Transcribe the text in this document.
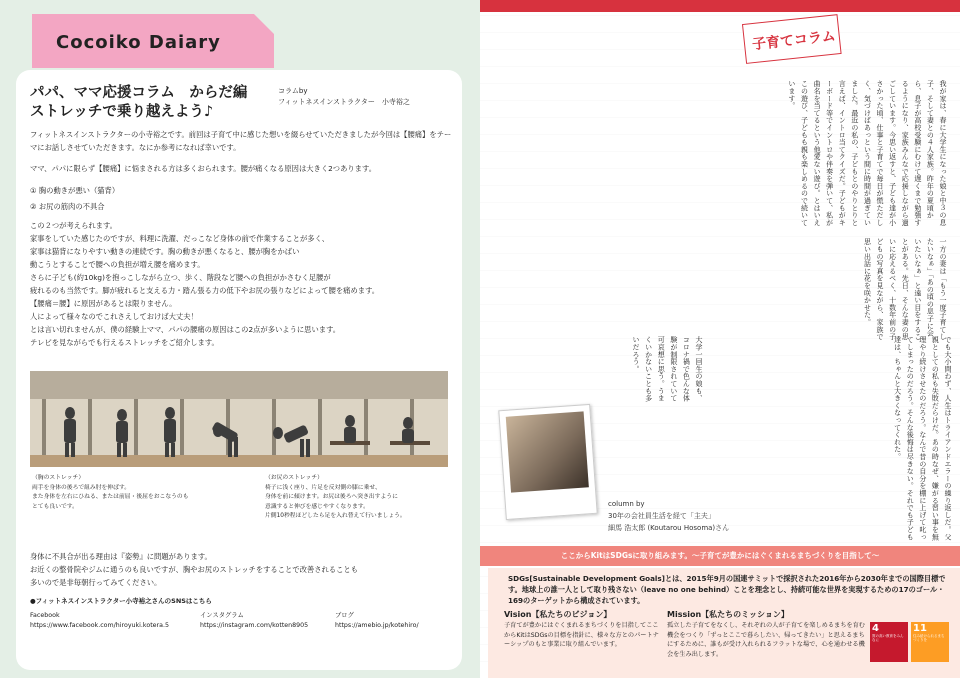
Cocoiko Daiary
パパ、ママ応援コラム　からだ編
ストレッチで乗り越えよう♪
コラムby
フィットネスインストラクター　小寺裕之
フィットネスインストラクターの小寺裕之です。前回は子育て中に感じた想いを綴らせていただきましたが今回は【腰痛】をテーマにお話しさせていただきます。なにか参考になれば幸いです。
ママ、パパに限らず【腰痛】に悩まされる方は多くおられます。腰が痛くなる原因は大きく2つあります。
① 胸の動きが悪い（猫背）
② お尻の筋肉の不具合
この２つが考えられます。
家事をしていた感じたのですが、料理に洗濯、だっこなど身体の前で作業することが多く、
家事は猫背になりやすい動きの連続です。胸の動きが悪くなると、腰が胸をかばい
動こうとすることで腰への負担が増え腰を痛めます。
さらに子ども(約10kg)を抱っこしながら立つ、歩く、階段など腰への負担がかさむく足腰が
疲れるのも当然です。脚が疲れると支える力・踏ん張る力の低下やお尻の張りなどによって腰を痛めます。
【腰痛＝腰】に原因があるとは限りません。
人によって様々なのでこれさえしておけば大丈夫！
とは言い切れませんが、僕の経験上ママ、パパの腰痛の原因はこの2点が多いように思います。
テレビを見ながらでも行えるストレッチをご紹介します。
（胸のストレッチ）
両手を身体の後ろで組み肘を伸ばす。
また身体を左右にひねる、または前屈・後屈をおこなうのも
とても良いです。
（お尻のストレッチ）
椅子に浅く座り、片足を反対側の膝に乗せ、
身体を前に傾けます。お尻は後ろへ突き出すように
意識すると伸びを感じやすくなります。
片側10秒程ほどしたら足を入れ替えて行いましょう。
身体に不具合が出る理由は『姿勢』に問題があります。
お近くの整骨院やジムに通うのも良いですが、胸やお尻のストレッチをすることで改善されることも
多いので是非毎朝行ってみてください。
●フィットネスインストラクター小寺裕之さんのSNSはこちら
Facebook
https://www.facebook.com/hiroyuki.kotera.5
インスタグラム
https://instagram.com/kotten8905
ブログ
https://amebio.jp/kotehiro/
子育てコラム
我が家は、春に大学生になった娘と中３の息子、そして妻との４人家族。昨年の夏頃から、息子が高校受験にむけて遅くまで勉強するようになり、家族みんなで応援しながら過ごしています。今思い返すと、子ども達が小さかった頃、仕事と子育てで毎日が慌ただしく、気づけばあっという間に時間が過ぎていました。最近の私の、子どもとのやりとりと言えば、イントロ当てクイズだ。子どもがキーボード等でイントロや伴奏を弾いて、私が曲名を当てるという他愛ない遊び。とはいえこの遊び、子どもも親も楽しめるので続いています。
一方の妻は「もう一度子育てしたいなぁ」「あの頃の息子に会いたいなぁ」と遠い目をすることがある。先日、そんな妻の思いに応えるべく、十数年前の子どもの写真を見ながら、家族で思い出話に花を咲かせた。
でも大小問わず、人生はトライアンドエラーの繰り返しだ。父親としての私も失敗だらけだ。あの時なぜ、嫌がる習い事を無理やり続けさせたのだろう。なんで昔の自分を棚に上げて叱ってしまったのだろう。そんな後悔は尽きない。それでも子ども達は、ちゃんと大きくなってくれた。
大学一回生の娘も、コロナ禍で色んな体験が制限されていて可哀想に思う。うまくいかないことも多いだろう。
column by
30年の会社員生活を経て「主夫」
細馬 浩太郎 (Koutarou Hosoma)さん
ここからKitはSDGsに取り組みます。～子育てが豊かにはぐくまれるまちづくりを目指して～
SDGs[Sustainable Development Goals]とは、2015年9月の国連サミットで採択された2016年から2030年までの国際目標です。地球上の誰一人として取り残さない（leave no one behind）ことを理念とし、持続可能な世界を実現するための17のゴール・169のターゲットから構成されています。
Vision【私たちのビジョン】
子育てが豊かにはぐくまれるまちづくりを目指してここからKitはSDGsの目標を指針に、様々な方とのパートナーシップのもと事業に取り組んでいます。
Mission【私たちのミッション】
孤立した子育てをなくし、それぞれの人が子育てを楽しめるまちを育む機会をつくり「ずっとここで暮らしたい、帰ってきたい」と思えるまちにするために、誰もが受け入れられるフラットな場で、心を通わせる機会を生み出します。
4
質の高い教育をみんなに
11
住み続けられるまちづくりを
